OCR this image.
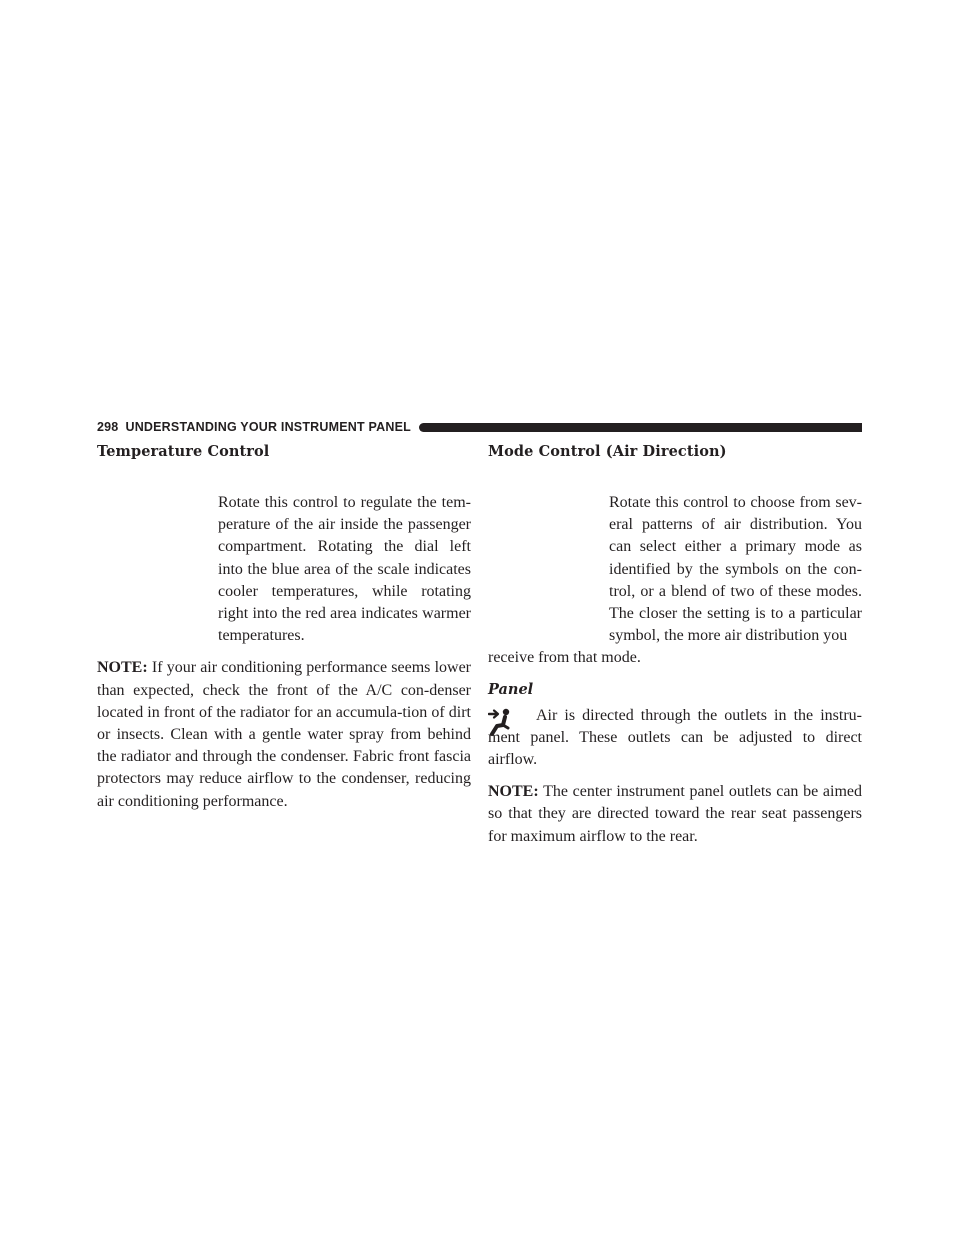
298 UNDERSTANDING YOUR INSTRUMENT PANEL
Temperature Control

Rotate this control to regulate the tem-perature of the air inside the passenger compartment. Rotating the dial left into the blue area of the scale indicates cooler temperatures, while rotating right into the red area indicates warmer temperatures.

NOTE: If your air conditioning performance seems lower than expected, check the front of the A/C con-denser located in front of the radiator for an accumula-tion of dirt or insects. Clean with a gentle water spray from behind the radiator and through the condenser. Fabric front fascia protectors may reduce airflow to the condenser, reducing air conditioning performance.

Mode Control (Air Direction)

Rotate this control to choose from sev-eral patterns of air distribution. You can select either a primary mode as identified by the symbols on the con-trol, or a blend of two of these modes. The closer the setting is to a particular symbol, the more air distribution you

receive from that mode.

Panel

Air is directed through the outlets in the instru-ment panel. These outlets can be adjusted to direct airflow.

NOTE: The center instrument panel outlets can be aimed so that they are directed toward the rear seat passengers for maximum airflow to the rear.
